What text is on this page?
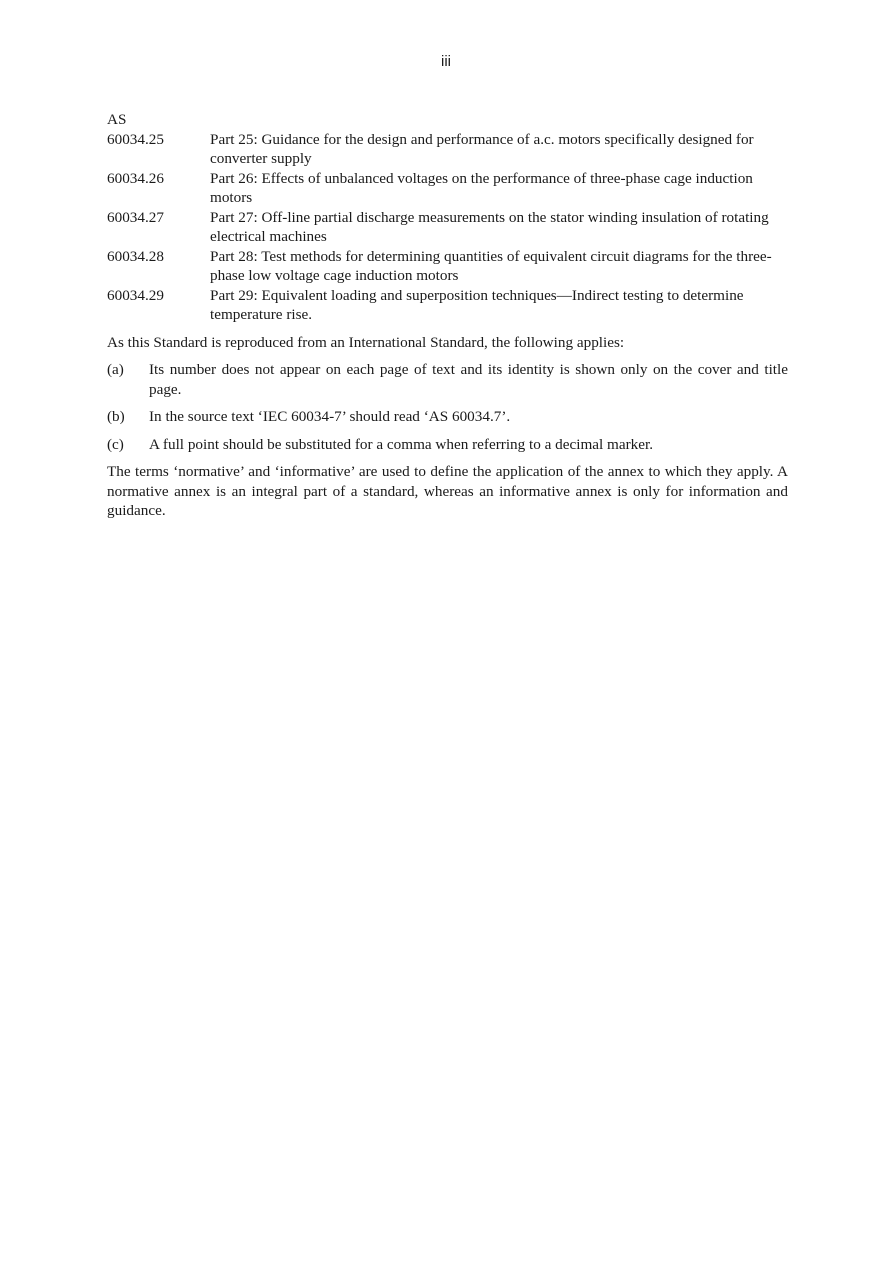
iii
AS
60034.25	Part 25: Guidance for the design and performance of a.c. motors specifically designed for converter supply
60034.26	Part 26: Effects of unbalanced voltages on the performance of three-phase cage induction motors
60034.27	Part 27: Off-line partial discharge measurements on the stator winding insulation of rotating electrical machines
60034.28	Part 28: Test methods for determining quantities of equivalent circuit diagrams for the three-phase low voltage cage induction motors
60034.29	Part 29: Equivalent loading and superposition techniques—Indirect testing to determine temperature rise.

As this Standard is reproduced from an International Standard, the following applies:

(a)	Its number does not appear on each page of text and its identity is shown only on the cover and title page.
(b)	In the source text ‘IEC 60034-7’ should read ‘AS 60034.7’.
(c)	A full point should be substituted for a comma when referring to a decimal marker.

The terms ‘normative’ and ‘informative’ are used to define the application of the annex to which they apply. A normative annex is an integral part of a standard, whereas an informative annex is only for information and guidance.
